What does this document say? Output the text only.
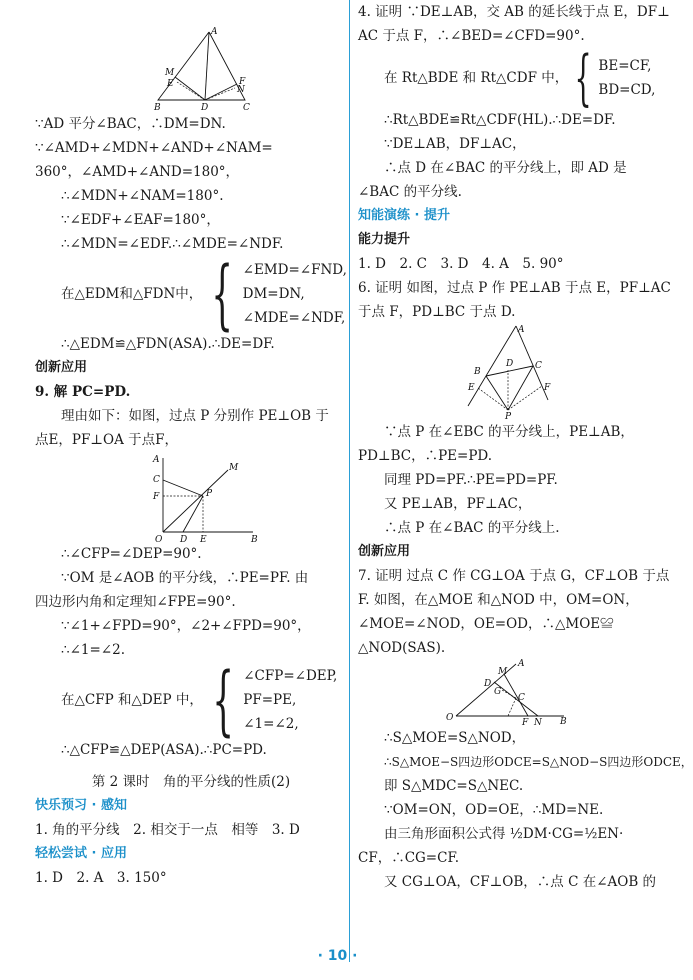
A
B	C
D
M
E	F
N
∵AD 平分∠BAC，∴DM=DN.
∵∠AMD+∠MDN+∠AND+∠NAM=
360°，∠AMD+∠AND=180°，
∴∠MDN+∠NAM=180°.
∵∠EDF+∠EAF=180°，
∴∠MDN=∠EDF.∴∠MDE=∠NDF.
在△EDM和△FDN中， { ∠EMD=∠FND,
DM=DN,
∠MDE=∠NDF,
∴△EDM≌△FDN(ASA).∴DE=DF.
创新应用
9. 解 PC=PD.
理由如下：如图，过点 P 分别作 PE⊥OB 于
点E，PF⊥OA 于点F，
C
F
O D E	B
M
P
A
∴∠CFP=∠DEP=90°.
∵OM 是∠AOB 的平分线，∴PE=PF. 由
四边形内角和定理知∠FPE=90°.
∵∠1+∠FPD=90°，∠2+∠FPD=90°，
∴∠1=∠2.
在△CFP 和△DEP 中， { ∠CFP=∠DEP,
PF=PE,
∠1=∠2,
∴△CFP≌△DEP(ASA).∴PC=PD.
第 2 课时　角的平分线的性质(2)
快乐预习 · 感知
1. 角的平分线　2. 相交于一点　相等　3. D
轻松尝试 · 应用
1. D　2. A　3. 150°
4. 证明 ∵DE⊥AB，交 AB 的延长线于点 E，DF⊥
AC 于点 F，∴∠BED=∠CFD=90°.
在 Rt△BDE 和 Rt△CDF 中， { BE=CF,
BD=CD,
∴Rt△BDE≌Rt△CDF(HL).∴DE=DF.
∵DE⊥AB，DF⊥AC，
∴点 D 在∠BAC 的平分线上，即 AD 是
∠BAC 的平分线.
知能演练 · 提升
能力提升
1. D　2. C　3. D　4. A　5. 90°
6. 证明 如图，过点 P 作 PE⊥AB 于点 E，PF⊥AC
于点 F，PD⊥BC 于点 D.
A
B
C
D
E	F
P
∵点 P 在∠EBC 的平分线上，PE⊥AB，
PD⊥BC，∴PE=PD.
同理 PD=PF.∴PE=PD=PF.
又 PE⊥AB，PF⊥AC，
∴点 P 在∠BAC 的平分线上.
创新应用
7. 证明 过点 C 作 CG⊥OA 于点 G，CF⊥OB 于点
F. 如图，在△MOE 和△NOD 中，OM=ON，
∠MOE=∠NOD，OE=OD，∴△MOE≌
△NOD(SAS).
A
M
D
G
C
O	F N B
∴S△MOE=S△NOD，
∴S△MOE−S四边形ODCE=S△NOD−S四边形ODCE，
即 S△MDC=S△NEC.
∵OM=ON，OD=OE，∴MD=NE.
由三角形面积公式得 ½DM·CG=½EN·
CF，∴CG=CF.
又 CG⊥OA，CF⊥OB，∴点 C 在∠AOB 的
· 10 ·
